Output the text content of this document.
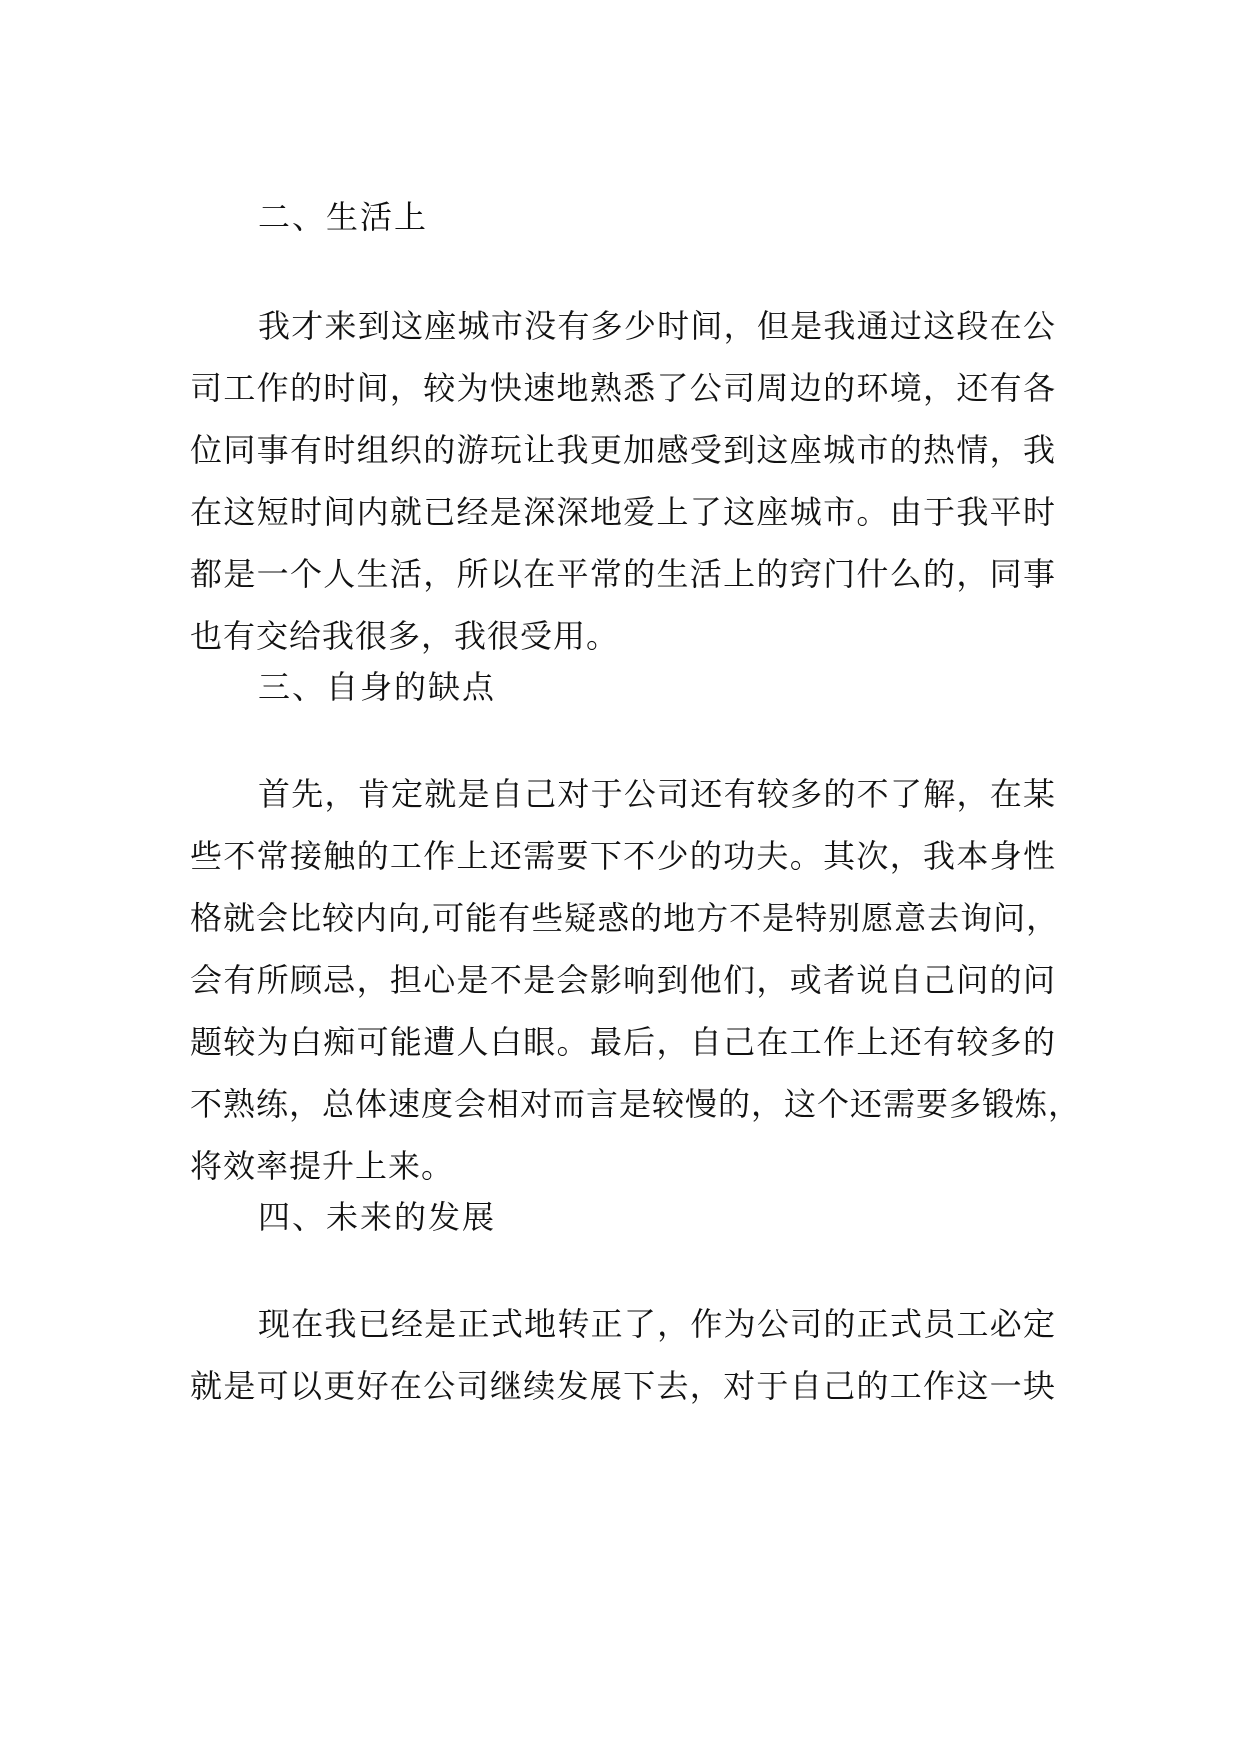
二、生活上
我才来到这座城市没有多少时间，但是我通过这段在公
司工作的时间，较为快速地熟悉了公司周边的环境，还有各
位同事有时组织的游玩让我更加感受到这座城市的热情，我
在这短时间内就已经是深深地爱上了这座城市。由于我平时
都是一个人生活，所以在平常的生活上的窍门什么的，同事
也有交给我很多，我很受用。
三、自身的缺点
首先，肯定就是自己对于公司还有较多的不了解，在某
些不常接触的工作上还需要下不少的功夫。其次，我本身性
格就会比较内向,可能有些疑惑的地方不是特别愿意去询问，
会有所顾忌，担心是不是会影响到他们，或者说自己问的问
题较为白痴可能遭人白眼。最后，自己在工作上还有较多的
不熟练，总体速度会相对而言是较慢的，这个还需要多锻炼，
将效率提升上来。
四、未来的发展
现在我已经是正式地转正了，作为公司的正式员工必定
就是可以更好在公司继续发展下去，对于自己的工作这一块
